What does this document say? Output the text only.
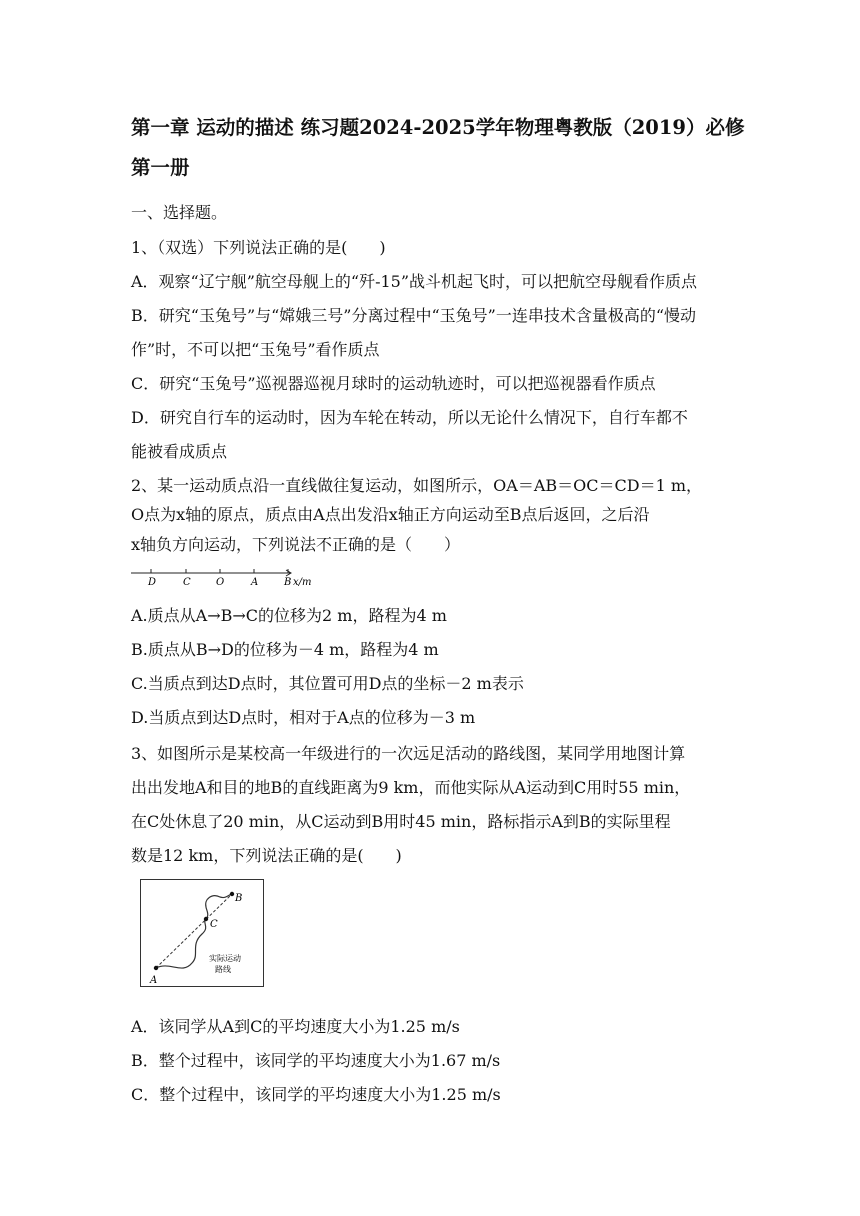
第一章 运动的描述 练习题2024-2025学年物理粤教版（2019）必修第一册
一、选择题。
1、（双选）下列说法正确的是(　　)
A．观察“辽宁舰”航空母舰上的“歼-15”战斗机起飞时，可以把航空母舰看作质点
B．研究“玉兔号”与“嫦娥三号”分离过程中“玉兔号”一连串技术含量极高的“慢动
作”时，不可以把“玉兔号”看作质点
C．研究“玉兔号”巡视器巡视月球时的运动轨迹时，可以把巡视器看作质点
D．研究自行车的运动时，因为车轮在转动，所以无论什么情况下，自行车都不
能被看成质点
2、某一运动质点沿一直线做往复运动，如图所示，OA＝AB＝OC＝CD＝1 m，
O点为x轴的原点，质点由A点出发沿x轴正方向运动至B点后返回，之后沿
x轴负方向运动，下列说法不正确的是（　　）
D	C	O	A	B x/m
A.质点从A→B→C的位移为2 m，路程为4 m
B.质点从B→D的位移为－4 m，路程为4 m
C.当质点到达D点时，其位置可用D点的坐标－2 m表示
D.当质点到达D点时，相对于A点的位移为－3 m
3、如图所示是某校高一年级进行的一次远足活动的路线图，某同学用地图计算
出出发地A和目的地B的直线距离为9 km，而他实际从A运动到C用时55 min，
在C处休息了20 min，从C运动到B用时45 min，路标指示A到B的实际里程
数是12 km，下列说法正确的是(　　)
A
B
C
实际运动
路线
A．该同学从A到C的平均速度大小为1.25 m/s
B．整个过程中，该同学的平均速度大小为1.67 m/s
C．整个过程中，该同学的平均速度大小为1.25 m/s
